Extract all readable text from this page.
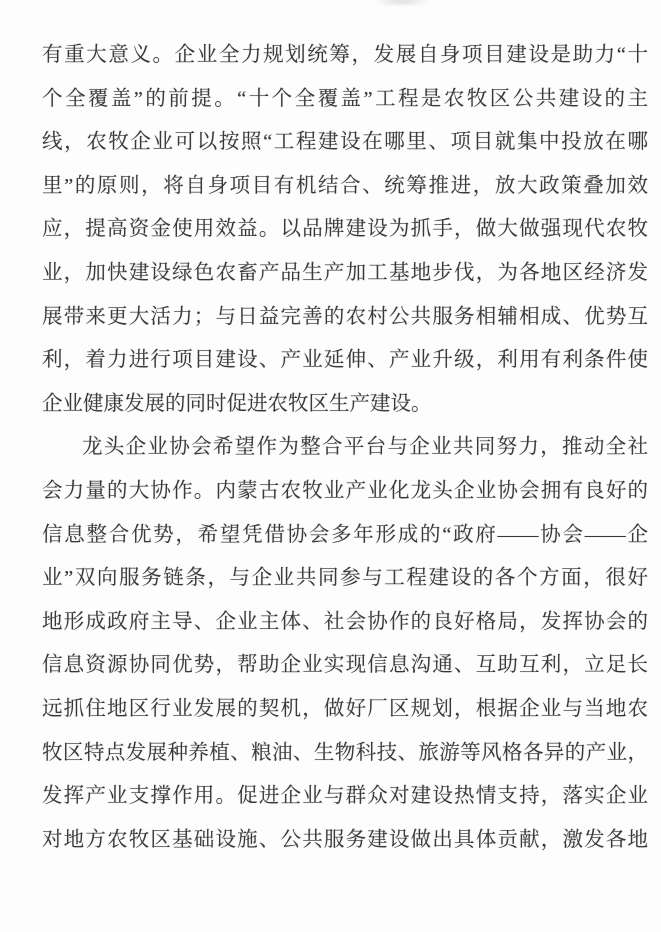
有重大意义。企业全力规划统筹，发展自身项目建设是助力“十
个全覆盖”的前提。“十个全覆盖”工程是农牧区公共建设的主
线，农牧企业可以按照“工程建设在哪里、项目就集中投放在哪
里”的原则，将自身项目有机结合、统筹推进，放大政策叠加效
应，提高资金使用效益。以品牌建设为抓手，做大做强现代农牧
业，加快建设绿色农畜产品生产加工基地步伐，为各地区经济发
展带来更大活力；与日益完善的农村公共服务相辅相成、优势互
利，着力进行项目建设、产业延伸、产业升级，利用有利条件使
企业健康发展的同时促进农牧区生产建设。
龙头企业协会希望作为整合平台与企业共同努力，推动全社
会力量的大协作。内蒙古农牧业产业化龙头企业协会拥有良好的
信息整合优势，希望凭借协会多年形成的“政府——协会——企
业”双向服务链条，与企业共同参与工程建设的各个方面，很好
地形成政府主导、企业主体、社会协作的良好格局，发挥协会的
信息资源协同优势，帮助企业实现信息沟通、互助互利，立足长
远抓住地区行业发展的契机，做好厂区规划，根据企业与当地农
牧区特点发展种养植、粮油、生物科技、旅游等风格各异的产业，
发挥产业支撑作用。促进企业与群众对建设热情支持，落实企业
对地方农牧区基础设施、公共服务建设做出具体贡献，激发各地
